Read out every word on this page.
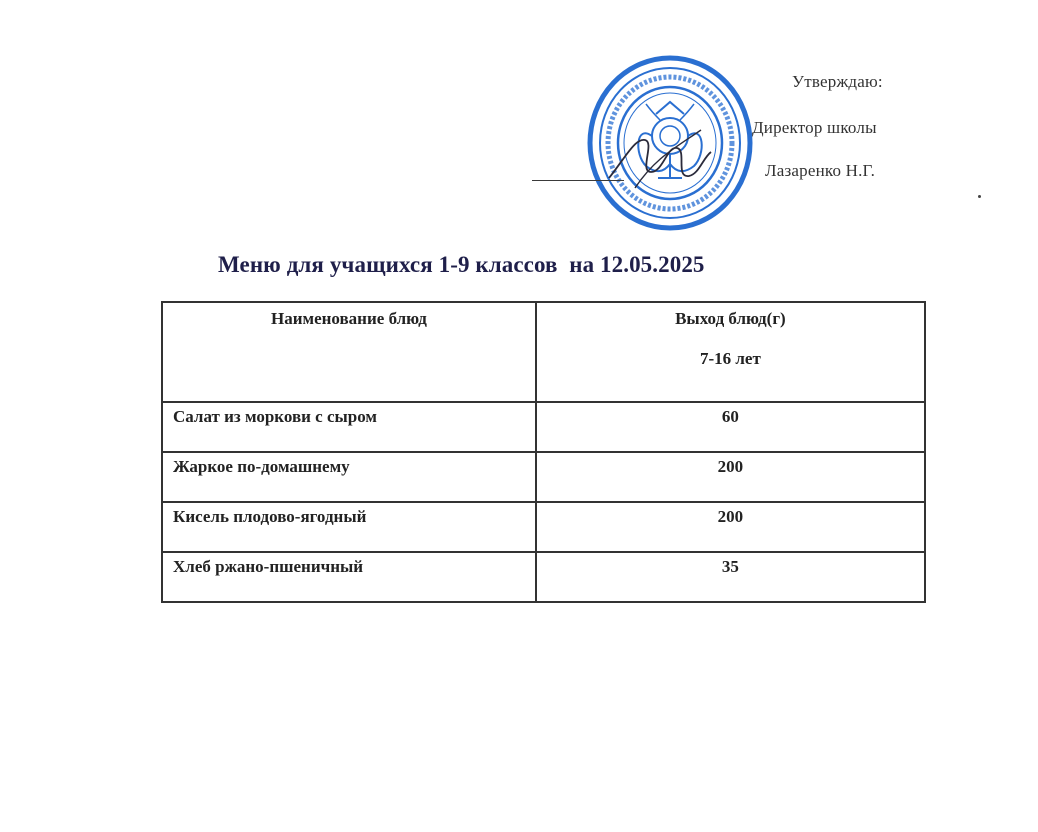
Утверждаю:
Директор школы
Лазаренко Н.Г.
Меню для учащихся 1-9 классов  на 12.05.2025
Наименование блюд	Выход блюд(г)
7-16 лет

Салат из моркови с сыром	60
Жаркое по-домашнему	200
Кисель плодово-ягодный	200
Хлеб ржано-пшеничный	35
